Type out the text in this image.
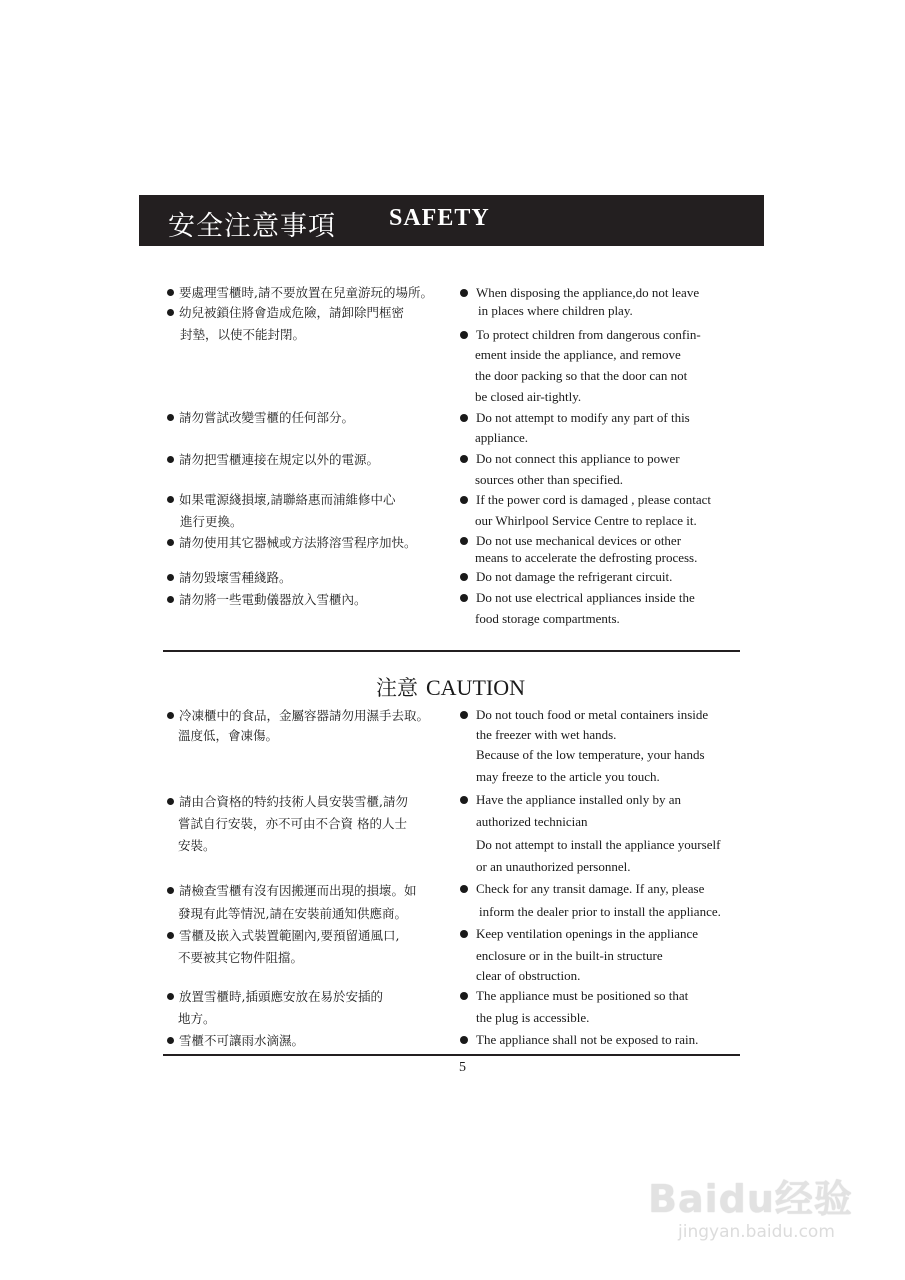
安全注意事項 SAFETY
要處理雪櫃時,請不要放置在兒童游玩的場所。
幼兒被鎖住將會造成危險，請卸除門框密
封墊，以使不能封閉。
請勿嘗試改變雪櫃的任何部分。
請勿把雪櫃連接在規定以外的電源。
如果電源綫損壞,請聯絡惠而浦維修中心
進行更換。
請勿使用其它器械或方法將溶雪程序加快。
請勿毀壞雪種綫路。
請勿將一些電動儀器放入雪櫃內。
When disposing the appliance,do not leave
in places where children play.
To protect children from dangerous confin-
ement inside the appliance, and remove
the door packing so that the door can not
be closed air-tightly.
Do not attempt to modify any part of this
appliance.
Do not connect this appliance to power
sources other than specified.
If the power cord is damaged , please contact
our Whirlpool Service Centre to replace it.
Do not use mechanical devices or other
means to accelerate the defrosting process.
Do not damage the refrigerant circuit.
Do not use electrical appliances inside the
food storage compartments.
注意 CAUTION
冷凍櫃中的食品，金屬容器請勿用濕手去取。
溫度低，會凍傷。
請由合資格的特約技術人員安裝雪櫃,請勿
嘗試自行安裝，亦不可由不合資 格的人士
安裝。
請檢查雪櫃有沒有因搬運而出現的損壞。如
發現有此等情況,請在安裝前通知供應商。
雪櫃及嵌入式裝置範圍內,要預留通風口,
不要被其它物件阻擋。
放置雪櫃時,插頭應安放在易於安插的
地方。
雪櫃不可讓雨水滴濕。
Do not touch food or metal containers inside
the freezer with wet hands.
Because of the low temperature, your hands
may freeze to the article you touch.
Have the appliance installed only by an
authorized technician
Do not attempt to install the appliance yourself
or an unauthorized personnel.
Check for any transit damage. If any, please
inform the dealer prior to install the appliance.
Keep ventilation openings in the appliance
enclosure or in the built-in structure
clear of obstruction.
The appliance must be positioned so that
the plug is accessible.
The appliance shall not be exposed to rain.
5
Baidu经验
jingyan.baidu.com
